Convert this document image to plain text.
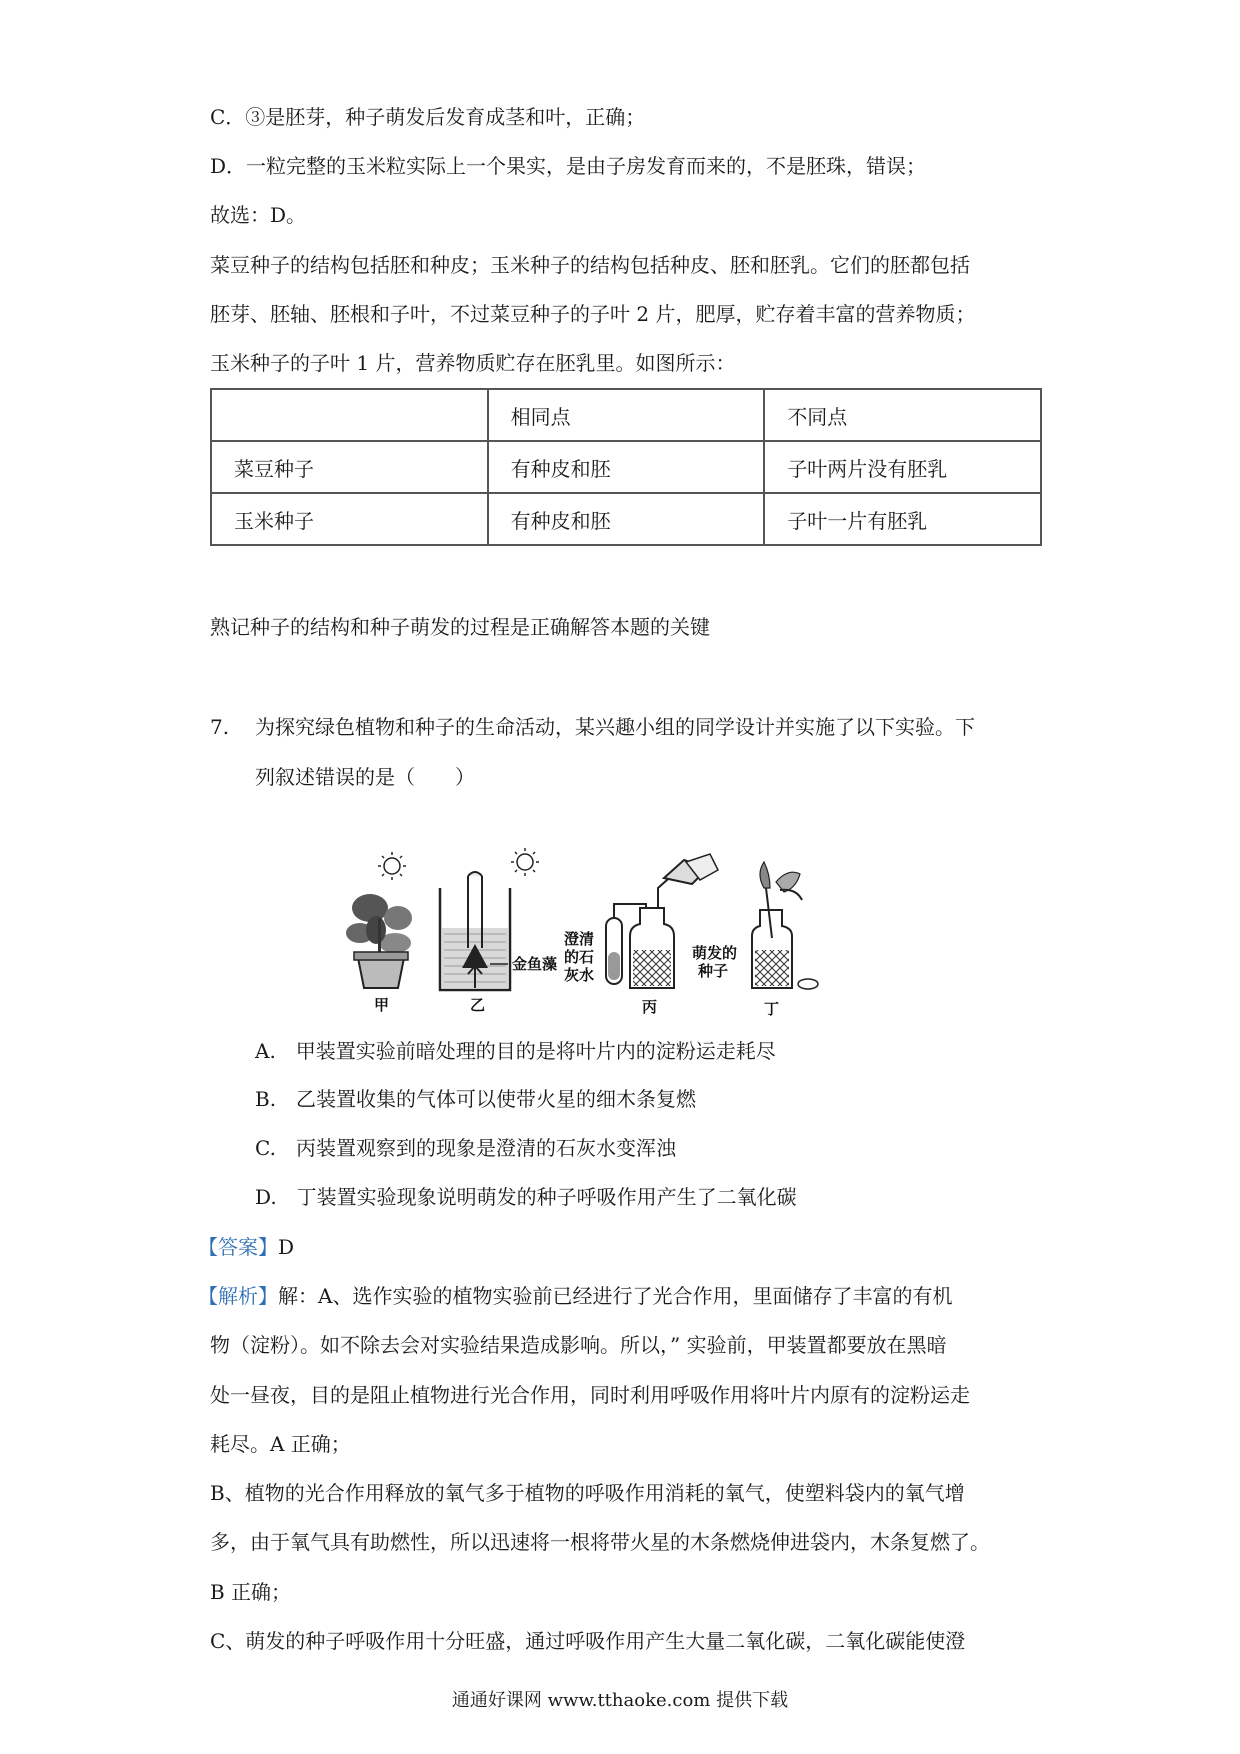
C．③是胚芽，种子萌发后发育成茎和叶，正确；
D．一粒完整的玉米粒实际上一个果实，是由子房发育而来的，不是胚珠，错误；
故选：D。
菜豆种子的结构包括胚和种皮；玉米种子的结构包括种皮、胚和胚乳。它们的胚都包括
胚芽、胚轴、胚根和子叶，不过菜豆种子的子叶 2 片，肥厚，贮存着丰富的营养物质；
玉米种子的子叶 1 片，营养物质贮存在胚乳里。如图所示：
	相同点	不同点
菜豆种子	有种皮和胚	子叶两片没有胚乳
玉米种子	有种皮和胚	子叶一片有胚乳
熟记种子的结构和种子萌发的过程是正确解答本题的关键
7. 为探究绿色植物和种子的生命活动，某兴趣小组的同学设计并实施了以下实验。下
列叙述错误的是（　　）
甲
金鱼藻
乙
澄清
的石
灰水
萌发的
种子
丙	丁
A.　甲装置实验前暗处理的目的是将叶片内的淀粉运走耗尽
B.　乙装置收集的气体可以使带火星的细木条复燃
C.　丙装置观察到的现象是澄清的石灰水变浑浊
D.　丁装置实验现象说明萌发的种子呼吸作用产生了二氧化碳
【答案】D
【解析】解：A、选作实验的植物实验前已经进行了光合作用，里面储存了丰富的有机
物（淀粉）。如不除去会对实验结果造成影响。所以，” 实验前，甲装置都要放在黑暗
处一昼夜，目的是阻止植物进行光合作用，同时利用呼吸作用将叶片内原有的淀粉运走
耗尽。A 正确；
B、植物的光合作用释放的氧气多于植物的呼吸作用消耗的氧气，使塑料袋内的氧气增
多，由于氧气具有助燃性，所以迅速将一根将带火星的木条燃烧伸进袋内，木条复燃了。
B 正确；
C、萌发的种子呼吸作用十分旺盛，通过呼吸作用产生大量二氧化碳，二氧化碳能使澄
通通好课网 www.tthaoke.com 提供下载
